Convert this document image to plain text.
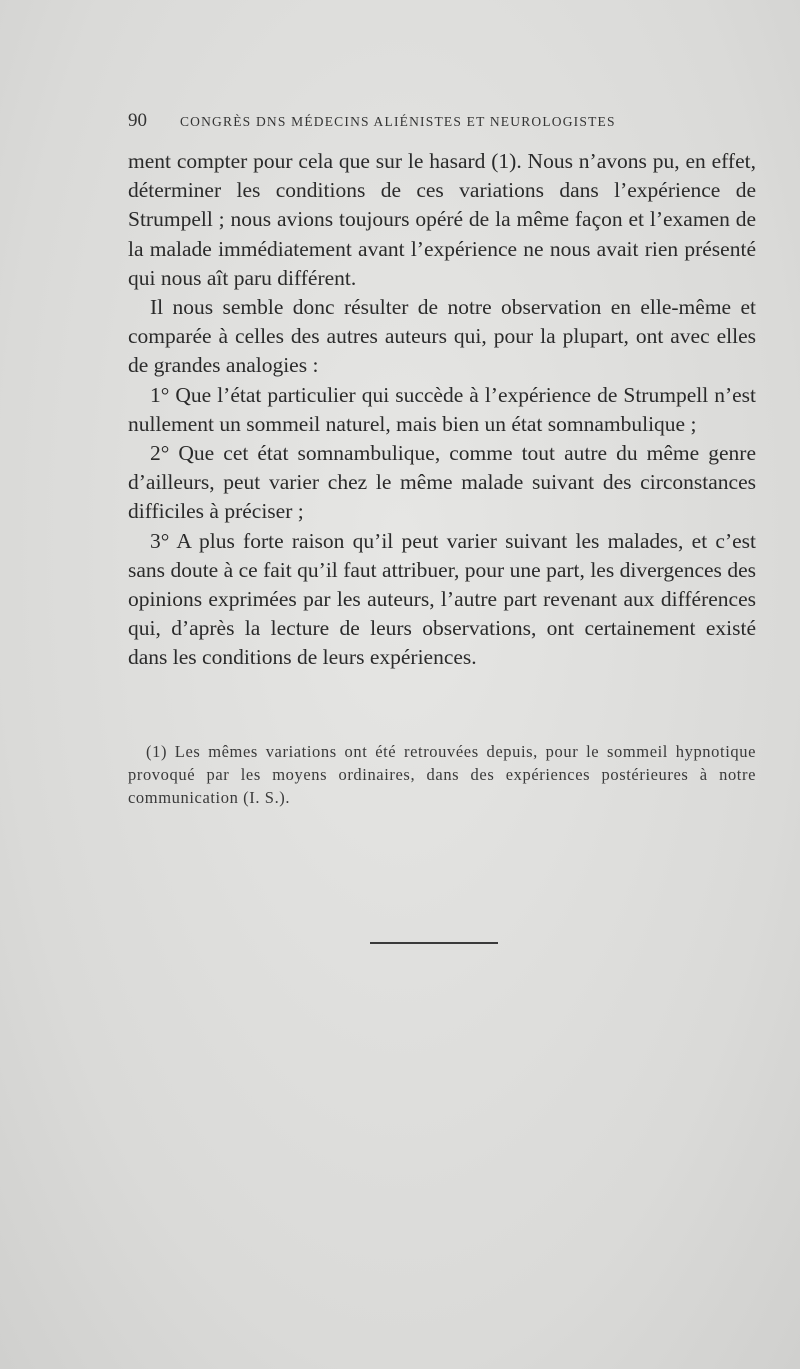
90 CONGRÈS DNS MÉDECINS ALIÉNISTES ET NEUROLOGISTES

ment compter pour cela que sur le hasard (1). Nous n’avons pu, en effet, déterminer les conditions de ces variations dans l’expérience de Strumpell ; nous avions toujours opéré de la même façon et l’examen de la malade immédiatement avant l’expérience ne nous avait rien présenté qui nous aît paru différent.

Il nous semble donc résulter de notre observation en elle-même et comparée à celles des autres auteurs qui, pour la plupart, ont avec elles de grandes analogies :

1° Que l’état particulier qui succède à l’expérience de Strumpell n’est nullement un sommeil naturel, mais bien un état somnambulique ;

2° Que cet état somnambulique, comme tout autre du même genre d’ailleurs, peut varier chez le même malade suivant des circonstances difficiles à préciser ;

3° A plus forte raison qu’il peut varier suivant les malades, et c’est sans doute à ce fait qu’il faut attribuer, pour une part, les divergences des opinions exprimées par les auteurs, l’autre part revenant aux différences qui, d’après la lecture de leurs observations, ont certainement existé dans les conditions de leurs expériences.

(1) Les mêmes variations ont été retrouvées depuis, pour le sommeil hypnotique provoqué par les moyens ordinaires, dans des expériences postérieures à notre communication (I. S.).
